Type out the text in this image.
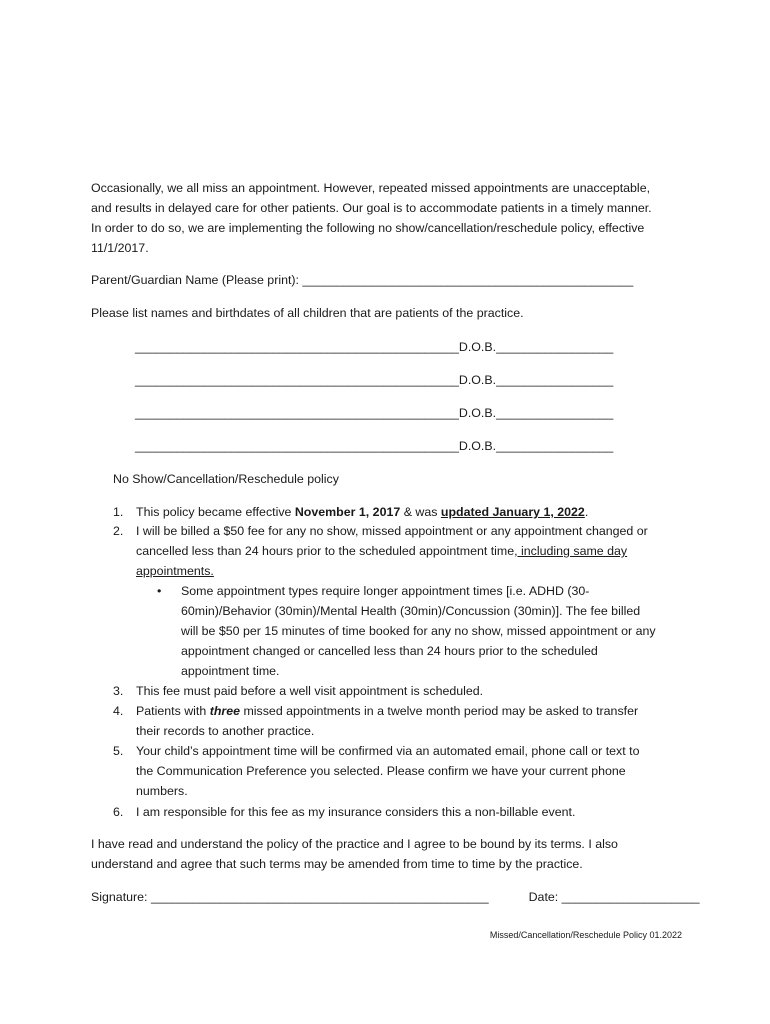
Occasionally, we all miss an appointment. However, repeated missed appointments are unacceptable,
and results in delayed care for other patients. Our goal is to accommodate patients in a timely manner.
In order to do so, we are implementing the following no show/cancellation/reschedule policy, effective
11/1/2017.
Parent/Guardian Name (Please print): ________________________________________________
Please list names and birthdates of all children that are patients of the practice.
_______________________________________________D.O.B._________________
_______________________________________________D.O.B._________________
_______________________________________________D.O.B._________________
_______________________________________________D.O.B._________________
No Show/Cancellation/Reschedule policy
1. This policy became effective November 1, 2017 & was updated January 1, 2022.
2. I will be billed a $50 fee for any no show, missed appointment or any appointment changed or
cancelled less than 24 hours prior to the scheduled appointment time, including same day
appointments.
• Some appointment types require longer appointment times [i.e. ADHD (30-
60min)/Behavior (30min)/Mental Health (30min)/Concussion (30min)]. The fee billed
will be $50 per 15 minutes of time booked for any no show, missed appointment or any
appointment changed or cancelled less than 24 hours prior to the scheduled
appointment time.
3. This fee must paid before a well visit appointment is scheduled.
4. Patients with three missed appointments in a twelve month period may be asked to transfer
their records to another practice.
5. Your child’s appointment time will be confirmed via an automated email, phone call or text to
the Communication Preference you selected. Please confirm we have your current phone
numbers.
6. I am responsible for this fee as my insurance considers this a non-billable event.
I have read and understand the policy of the practice and I agree to be bound by its terms. I also
understand and agree that such terms may be amended from time to time by the practice.
Signature: _________________________________________________	Date: ____________________
Missed/Cancellation/Reschedule Policy 01.2022
